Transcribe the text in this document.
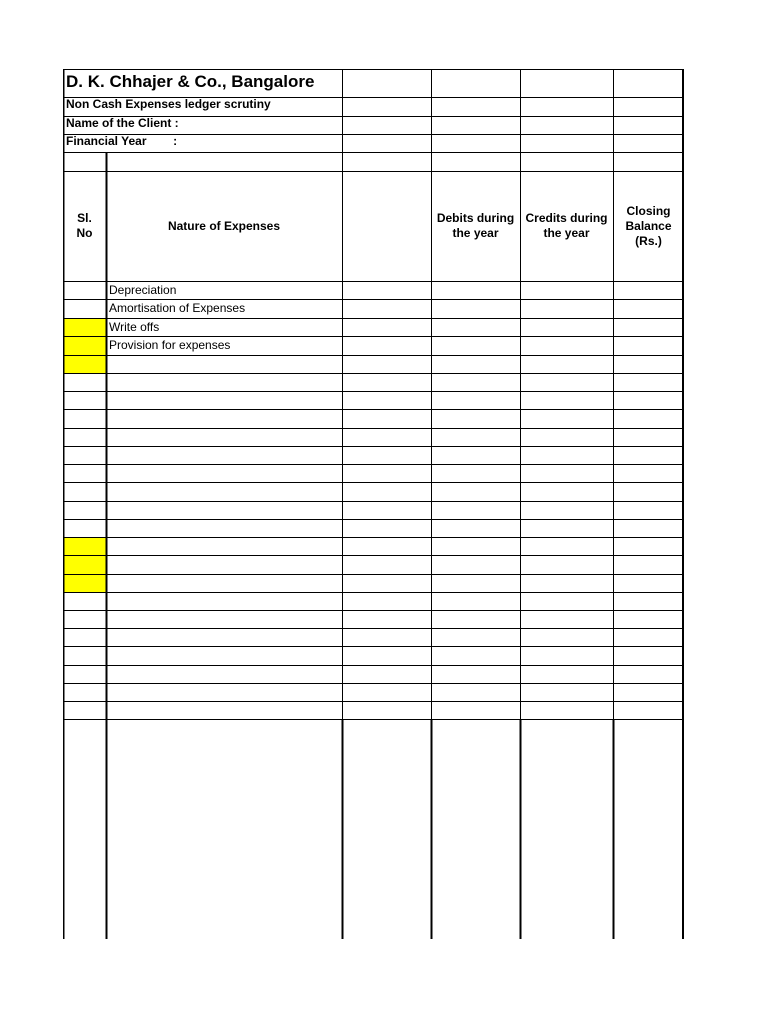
D. K. Chhajer & Co., Bangalore
Non Cash Expenses ledger scrutiny
Name of the Client :
Financial Year        :
Sl.
No
Nature of Expenses
Debits during
the year
Credits during
the year
Closing
Balance
(Rs.)
Depreciation
Amortisation of Expenses
Write offs
Provision for expenses
